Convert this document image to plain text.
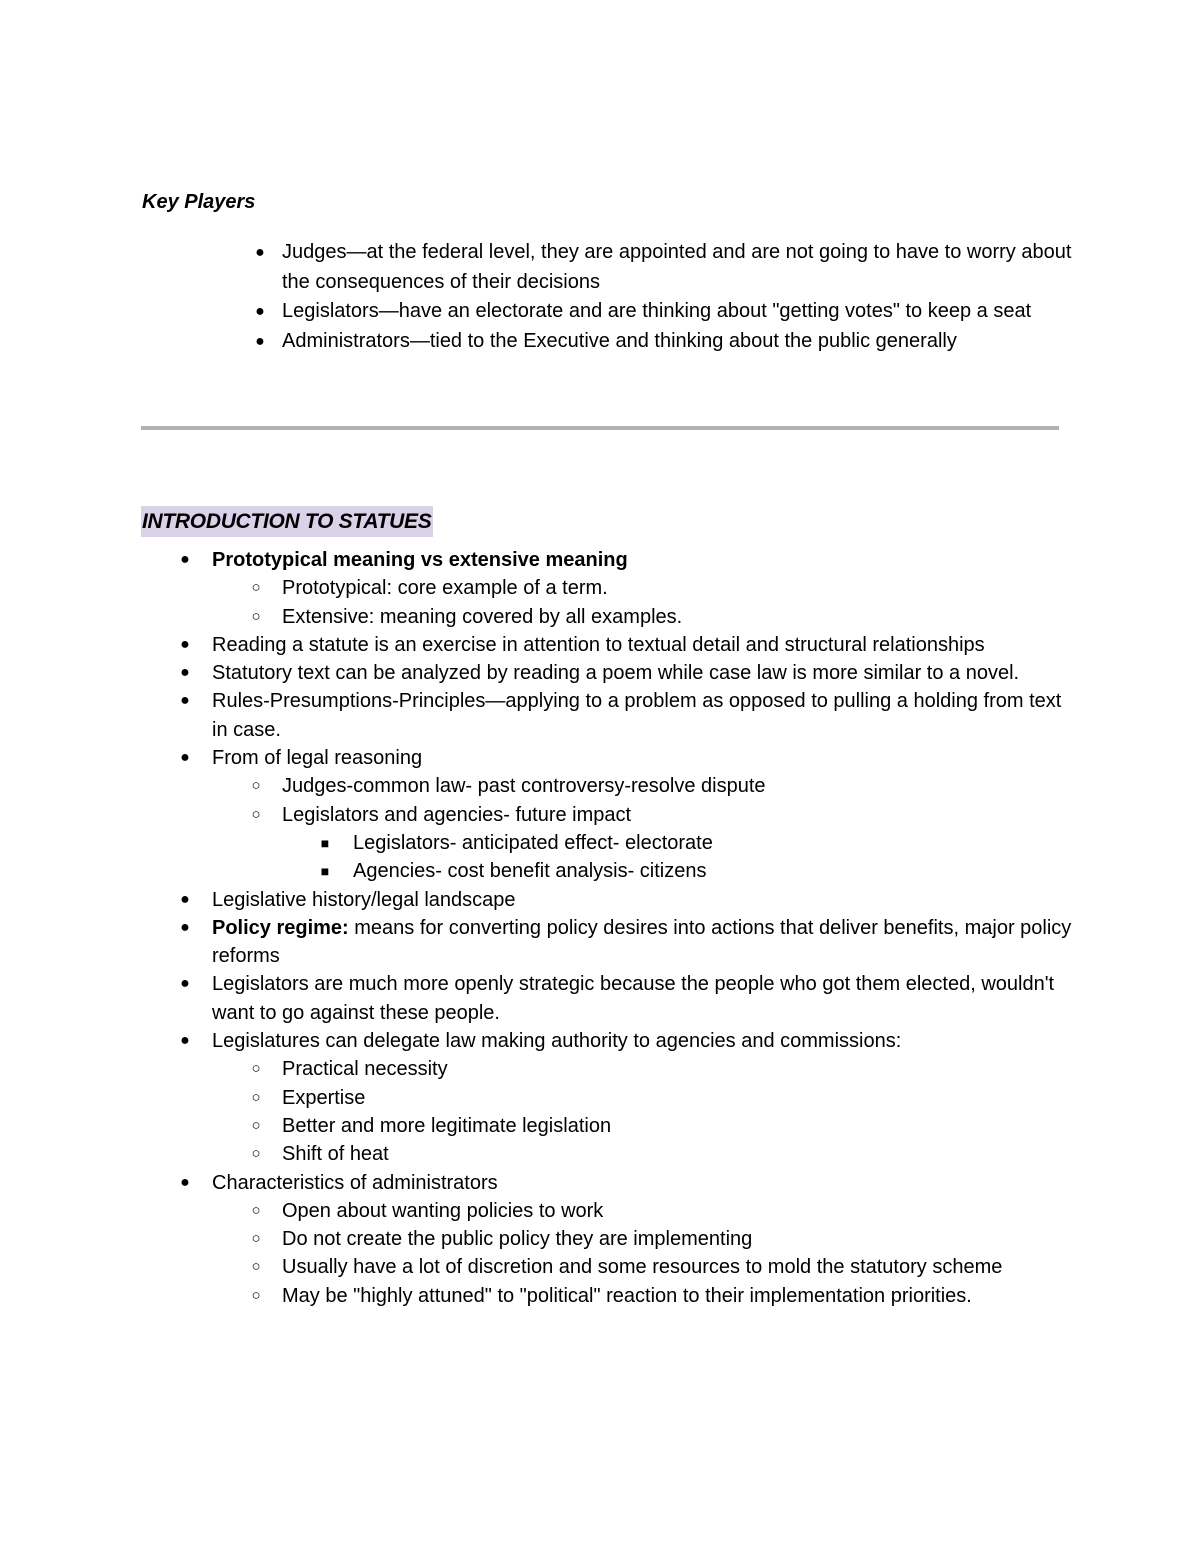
Key Players
● Judges—at the federal level, they are appointed and are not going to have to worry about the consequences of their decisions
● Legislators—have an electorate and are thinking about "getting votes" to keep a seat
● Administrators—tied to the Executive and thinking about the public generally
INTRODUCTION TO STATUES
● Prototypical meaning vs extensive meaning
○ Prototypical: core example of a term.
○ Extensive: meaning covered by all examples.
● Reading a statute is an exercise in attention to textual detail and structural relationships
● Statutory text can be analyzed by reading a poem while case law is more similar to a novel.
● Rules-Presumptions-Principles—applying to a problem as opposed to pulling a holding from text in case.
● From of legal reasoning
○ Judges-common law- past controversy-resolve dispute
○ Legislators and agencies- future impact
■ Legislators- anticipated effect- electorate
■ Agencies- cost benefit analysis- citizens
● Legislative history/legal landscape
● Policy regime: means for converting policy desires into actions that deliver benefits, major policy reforms
● Legislators are much more openly strategic because the people who got them elected, wouldn't want to go against these people.
● Legislatures can delegate law making authority to agencies and commissions:
○ Practical necessity
○ Expertise
○ Better and more legitimate legislation
○ Shift of heat
● Characteristics of administrators
○ Open about wanting policies to work
○ Do not create the public policy they are implementing
○ Usually have a lot of discretion and some resources to mold the statutory scheme
○ May be "highly attuned" to "political" reaction to their implementation priorities.
